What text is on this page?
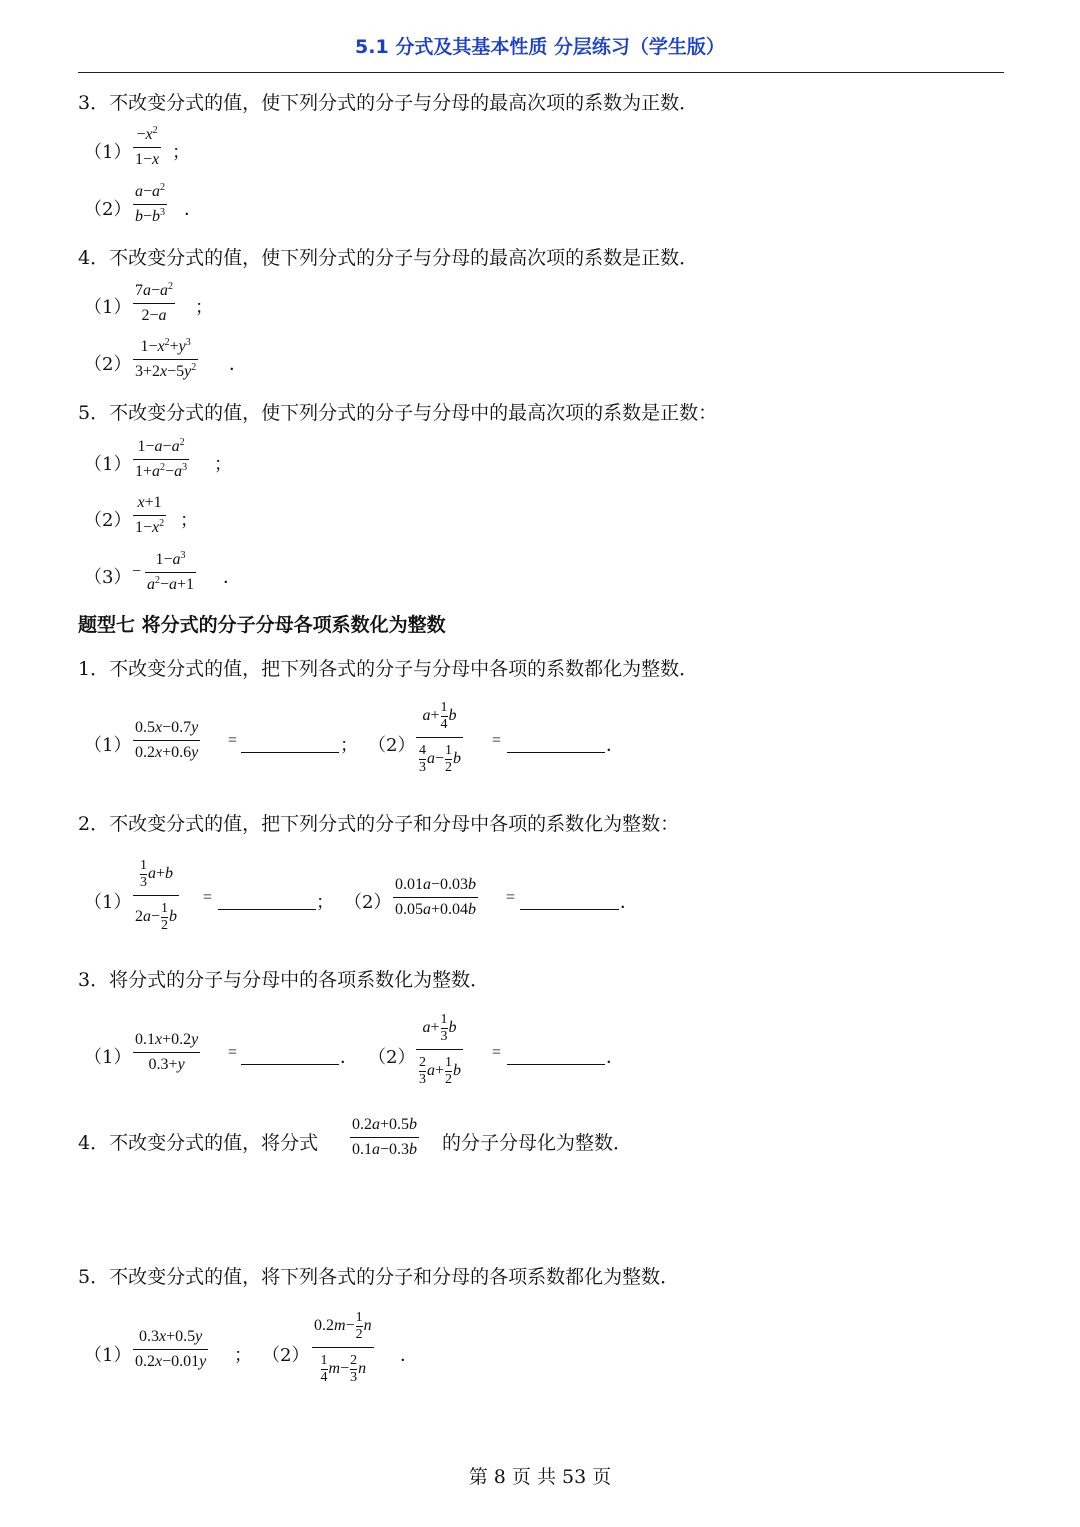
5.1 分式及其基本性质 分层练习（学生版）
3．不改变分式的值，使下列分式的分子与分母的最高次项的系数为正数．
（1）
$-x^2$
1−x ；
（2）
$a-a^2$
$b-b^3$ ．
4．不改变分式的值，使下列分式的分子与分母的最高次项的系数是正数．
（1）
$7a-a^2$
2−a	；
（2）
$1-x^2+y^3$
$3+2x-5y^2$ ．
5．不改变分式的值，使下列分式的分子与分母中的最高次项的系数是正数：
（1）
$1-a-a^2$
$1+a^2-a^3$ ；
（2）
x+1
$1-x^2$ ；
（3） −
$1-a^3$
$a^2-a+1$ ．
题型七 将分式的分子分母各项系数化为整数
1．不改变分式的值，把下列各式的分子与分母中各项的系数都化为整数．
（1）
0.5x−0.7y
0.2x+0.6y
=	； （2）
$a+ \frac{1}{4}$ b
$\frac{4}{3} a- \frac{1}{2}$ b
=	．
2．不改变分式的值，把下列分式的分子和分母中各项的系数化为整数：
（1）
$\frac{1}{3} a+b$
$2a- \frac{1}{2}$ b
=	； （2）
0.01a−0.03b
0.05a+0.04b
=	．
3．将分式的分子与分母中的各项系数化为整数．
（1）
0.1x+0.2y
0.3+y
=	． （2）
$a+ \frac{1}{3}$ b
$\frac{2}{3} a+ \frac{1}{2}$ b
=	．
4．不改变分式的值，将分式
0.2a+0.5b
0.1a−0.3b 的分子分母化为整数．
5．不改变分式的值，将下列各式的分子和分母的各项系数都化为整数．
（1）
0.3x+0.5y
0.2x−0.01y ； （2）
$0.2m- \frac{1}{2}$ n
$\frac{1}{4} m- \frac{2}{3}$ n
．
第 8 页 共 53 页
